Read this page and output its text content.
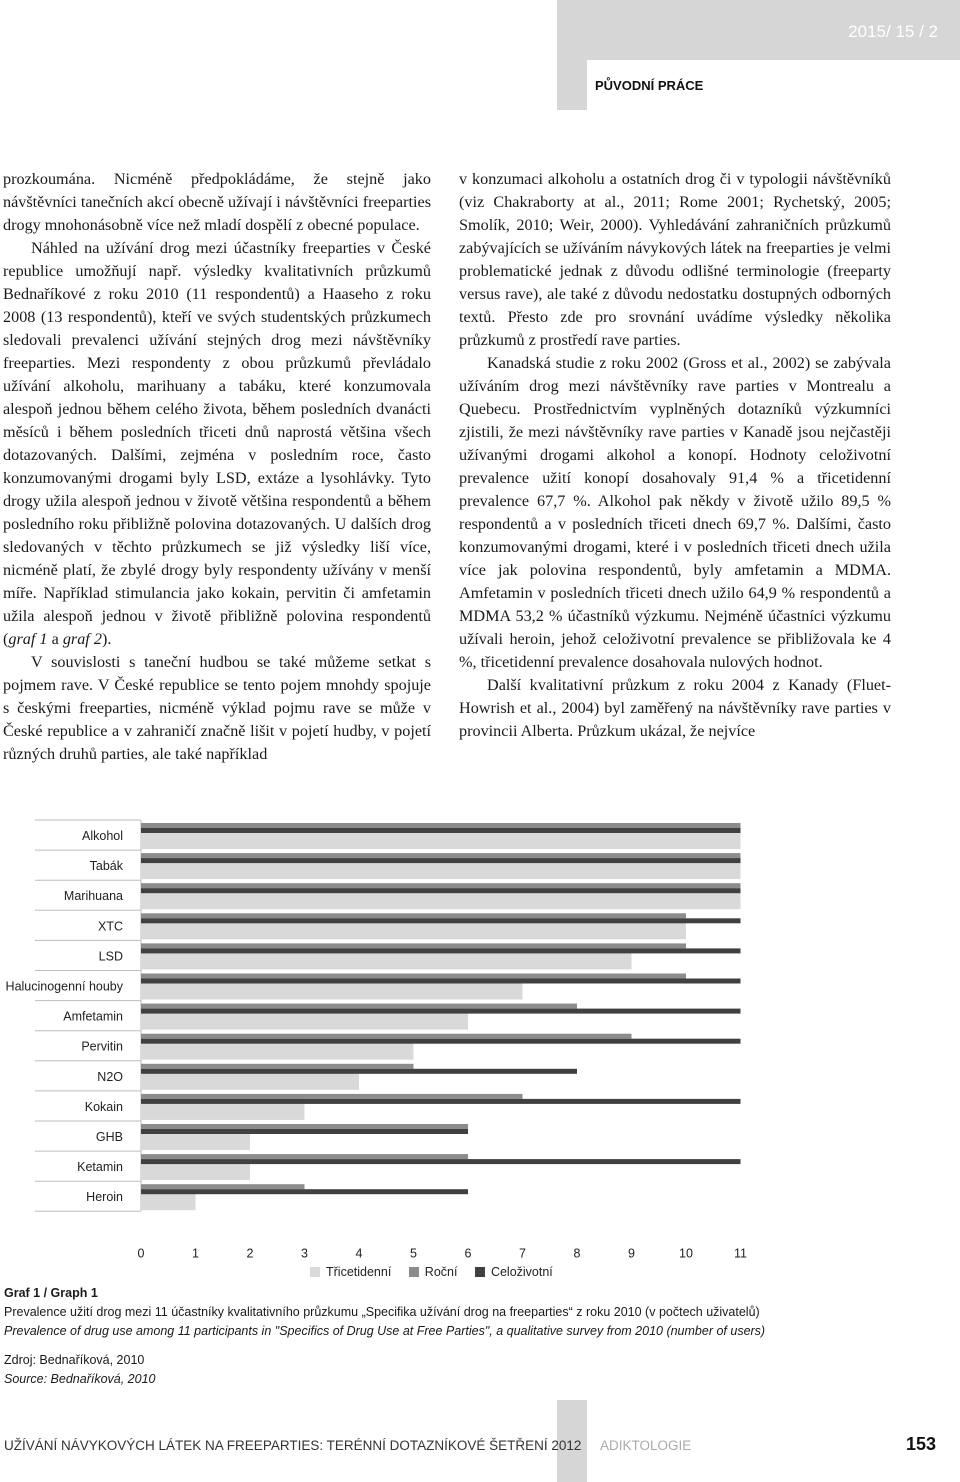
2015/ 15 / 2
PŮVODNÍ PRÁCE

prozkoumána. Nicméně předpokládáme, že stejně jako návštěvníci tanečních akcí obecně užívají i návštěvníci freeparties drogy mnohonásobně více než mladí dospělí z obecné populace.

Náhled na užívání drog mezi účastníky freeparties v České republice umožňují např. výsledky kvalitativních průzkumů Bednaříkové z roku 2010 (11 respondentů) a Haaseho z roku 2008 (13 respondentů), kteří ve svých studentských průzkumech sledovali prevalenci užívání stejných drog mezi návštěvníky freeparties. Mezi respondenty z obou průzkumů převládalo užívání alkoholu, marihuany a tabáku, které konzumovala alespoň jednou během celého života, během posledních dvanácti měsíců i během posledních třiceti dnů naprostá většina všech dotazovaných. Dalšími, zejména v posledním roce, často konzumovanými drogami byly LSD, extáze a lysohlávky. Tyto drogy užila alespoň jednou v životě většina respondentů a během posledního roku přibližně polovina dotazovaných. U dalších drog sledovaných v těchto průzkumech se již výsledky liší více, nicméně platí, že zbylé drogy byly respondenty užívány v menší míře. Například stimulancia jako kokain, pervitin či amfetamin užila alespoň jednou v životě přibližně polovina respondentů (graf 1 a graf 2).

V souvislosti s taneční hudbou se také můžeme setkat s pojmem rave. V České republice se tento pojem mnohdy spojuje s českými freeparties, nicméně výklad pojmu rave se může v České republice a v zahraničí značně lišit v pojetí hudby, v pojetí různých druhů parties, ale také například

v konzumaci alkoholu a ostatních drog či v typologii návštěvníků (viz Chakraborty at al., 2011; Rome 2001; Rychetský, 2005; Smolík, 2010; Weir, 2000). Vyhledávání zahraničních průzkumů zabývajících se užíváním návykových látek na freeparties je velmi problematické jednak z důvodu odlišné terminologie (freeparty versus rave), ale také z důvodu nedostatku dostupných odborných textů. Přesto zde pro srovnání uvádíme výsledky několika průzkumů z prostředí rave parties.

Kanadská studie z roku 2002 (Gross et al., 2002) se zabývala užíváním drog mezi návštěvníky rave parties v Montrealu a Quebecu. Prostřednictvím vyplněných dotazníků výzkumníci zjistili, že mezi návštěvníky rave parties v Kanadě jsou nejčastěji užívanými drogami alkohol a konopí. Hodnoty celoživotní prevalence užití konopí dosahovaly 91,4 % a třicetidenní prevalence 67,7 %. Alkohol pak někdy v životě užilo 89,5 % respondentů a v posledních třiceti dnech 69,7 %. Dalšími, často konzumovanými drogami, které i v posledních třiceti dnech užila více jak polovina respondentů, byly amfetamin a MDMA. Amfetamin v posledních třiceti dnech užilo 64,9 % respondentů a MDMA 53,2 % účastníků výzkumu. Nejméně účastníci výzkumu užívali heroin, jehož celoživotní prevalence se přibližovala ke 4 %, třicetidenní prevalence dosahovala nulových hodnot.

Další kvalitativní průzkum z roku 2004 z Kanady (Fluet-Howrish et al., 2004) byl zaměřený na návštěvníky rave parties v provincii Alberta. Průzkum ukázal, že nejvíce

Alkohol
Tabák
Marihuana
XTC
LSD
Halucinogenní houby
Amfetamin
Pervitin
N2O
Kokain
GHB
Ketamin
Heroin
0	1	2	3	4	5	6	7	8	9	10	11
Třicetidenní	Roční	Celoživotní
Graf 1 / Graph 1
Prevalence užití drog mezi 11 účastníky kvalitativního průzkumu „Specifika užívání drog na freeparties“ z roku 2010 (v počtech uživatelů)
Prevalence of drug use among 11 participants in "Specifics of Drug Use at Free Parties", a qualitative survey from 2010 (number of users)
Zdroj: Bednaříková, 2010
Source: Bednaříková, 2010
UŽÍVÁNÍ NÁVYKOVÝCH LÁTEK NA FREEPARTIES: TERÉNNÍ DOTAZNÍKOVÉ ŠETŘENÍ 2012 ADIKTOLOGIE	153
